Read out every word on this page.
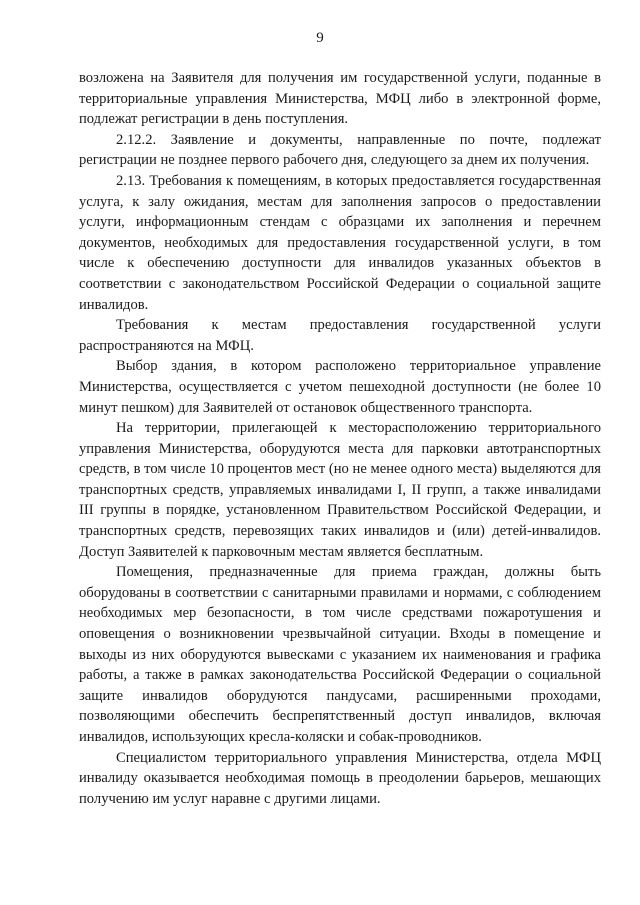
9

возложена на Заявителя для получения им государственной услуги, поданные в территориальные управления Министерства, МФЦ либо в электронной форме, подлежат регистрации в день поступления.

2.12.2. Заявление и документы, направленные по почте, подлежат регистрации не позднее первого рабочего дня, следующего за днем их получения.

2.13. Требования к помещениям, в которых предоставляется государственная услуга, к залу ожидания, местам для заполнения запросов о предоставлении услуги, информационным стендам с образцами их заполнения и перечнем документов, необходимых для предоставления государственной услуги, в том числе к обеспечению доступности для инвалидов указанных объектов в соответствии с законодательством Российской Федерации о социальной защите инвалидов.

Требования к местам предоставления государственной услуги распространяются на МФЦ.

Выбор здания, в котором расположено территориальное управление Министерства, осуществляется с учетом пешеходной доступности (не более 10 минут пешком) для Заявителей от остановок общественного транспорта.

На территории, прилегающей к месторасположению территориального управления Министерства, оборудуются места для парковки автотранспортных средств, в том числе 10 процентов мест (но не менее одного места) выделяются для транспортных средств, управляемых инвалидами I, II групп, а также инвалидами III группы в порядке, установленном Правительством Российской Федерации, и транспортных средств, перевозящих таких инвалидов и (или) детей-инвалидов. Доступ Заявителей к парковочным местам является бесплатным.

Помещения, предназначенные для приема граждан, должны быть оборудованы в соответствии с санитарными правилами и нормами, с соблюдением необходимых мер безопасности, в том числе средствами пожаротушения и оповещения о возникновении чрезвычайной ситуации. Входы в помещение и выходы из них оборудуются вывесками с указанием их наименования и графика работы, а также в рамках законодательства Российской Федерации о социальной защите инвалидов оборудуются пандусами, расширенными проходами, позволяющими обеспечить беспрепятственный доступ инвалидов, включая инвалидов, использующих кресла-коляски и собак-проводников.

Специалистом территориального управления Министерства, отдела МФЦ инвалиду оказывается необходимая помощь в преодолении барьеров, мешающих получению им услуг наравне с другими лицами.
